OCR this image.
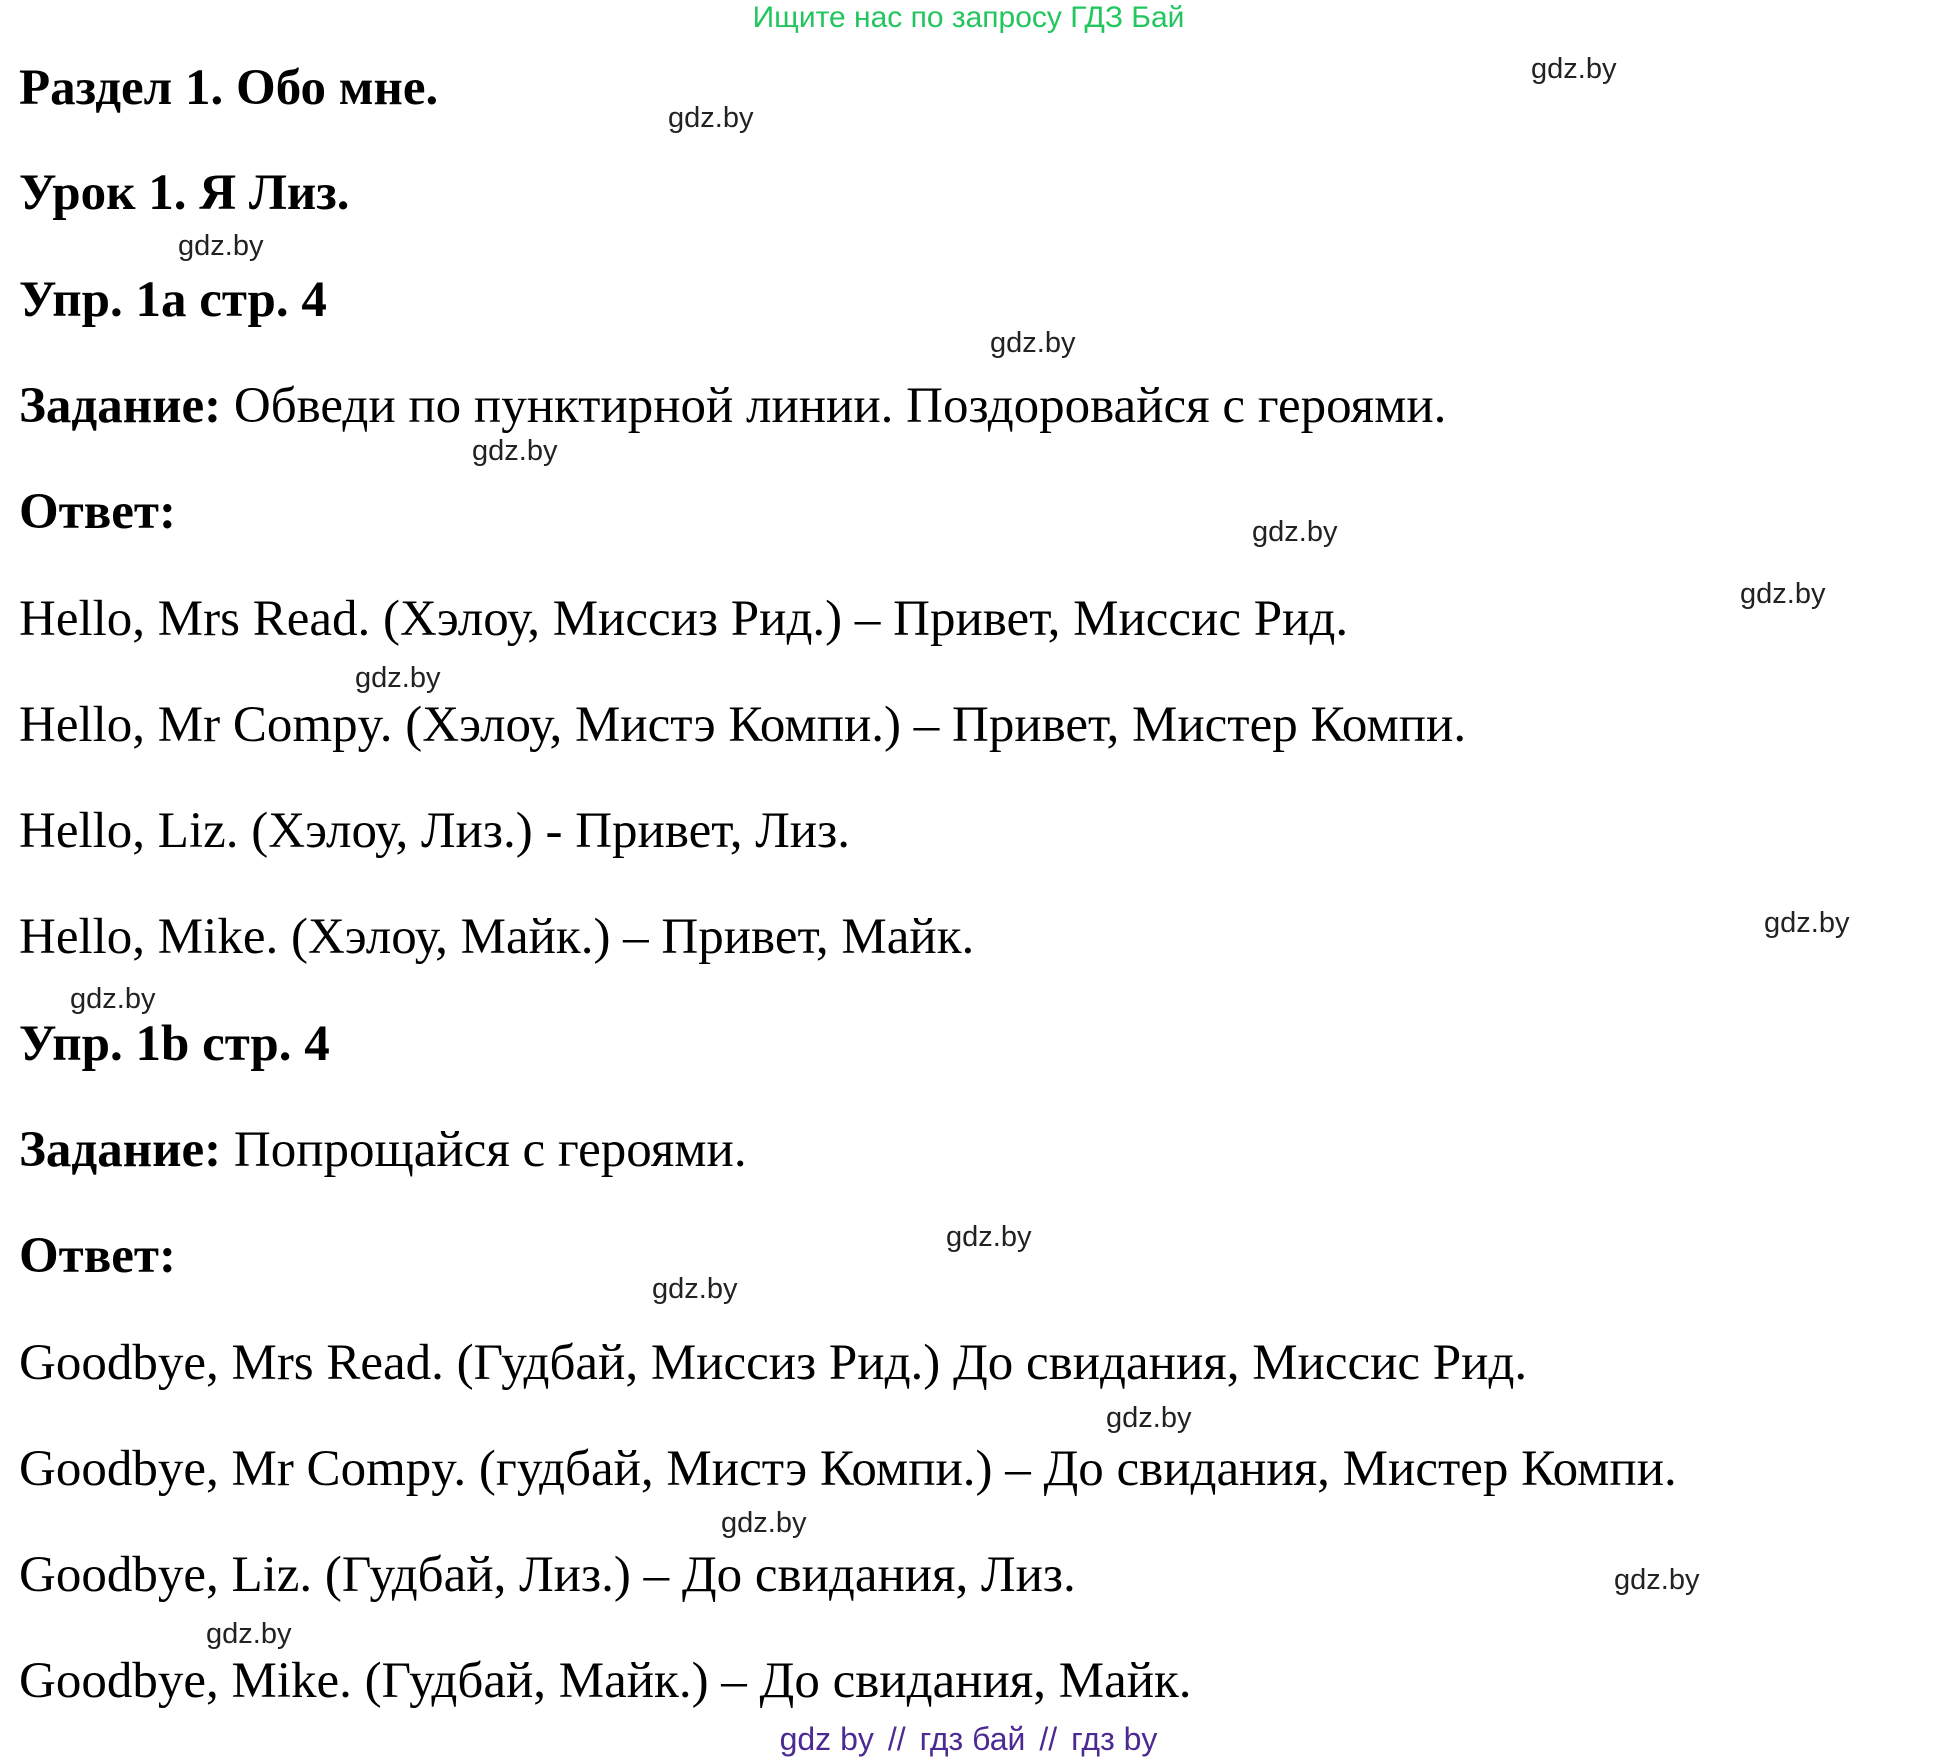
Ищите нас по запросу ГДЗ Бай
Раздел 1. Обо мне.
Урок 1. Я Лиз.
Упр. 1a стр. 4
Задание: Обведи по пунктирной линии. Поздоровайся с героями.
Ответ:
Hello, Mrs Read. (Хэлоу, Миссиз Рид.) – Привет, Миссис Рид.
Hello, Mr Compy. (Хэлоу, Мистэ Компи.) – Привет, Мистер Компи.
Hello, Liz. (Хэлоу, Лиз.) - Привет, Лиз.
Hello, Mike. (Хэлоу, Майк.) – Привет, Майк.
Упр. 1b стр. 4
Задание: Попрощайся с героями.
Ответ:
Goodbye, Mrs Read. (Гудбай, Миссиз Рид.) До свидания, Миссис Рид.
Goodbye, Mr Compy. (гудбай, Мистэ Компи.) – До свидания, Мистер Компи.
Goodbye, Liz. (Гудбай, Лиз.) – До свидания, Лиз.
Goodbye, Mike. (Гудбай, Майк.) – До свидания, Майк.
gdz.by
gdz.by
gdz.by
gdz.by
gdz.by
gdz.by
gdz.by
gdz.by
gdz.by
gdz.by
gdz.by
gdz.by
gdz.by
gdz.by
gdz.by
gdz.by
gdz by // гдз бай // гдз by
